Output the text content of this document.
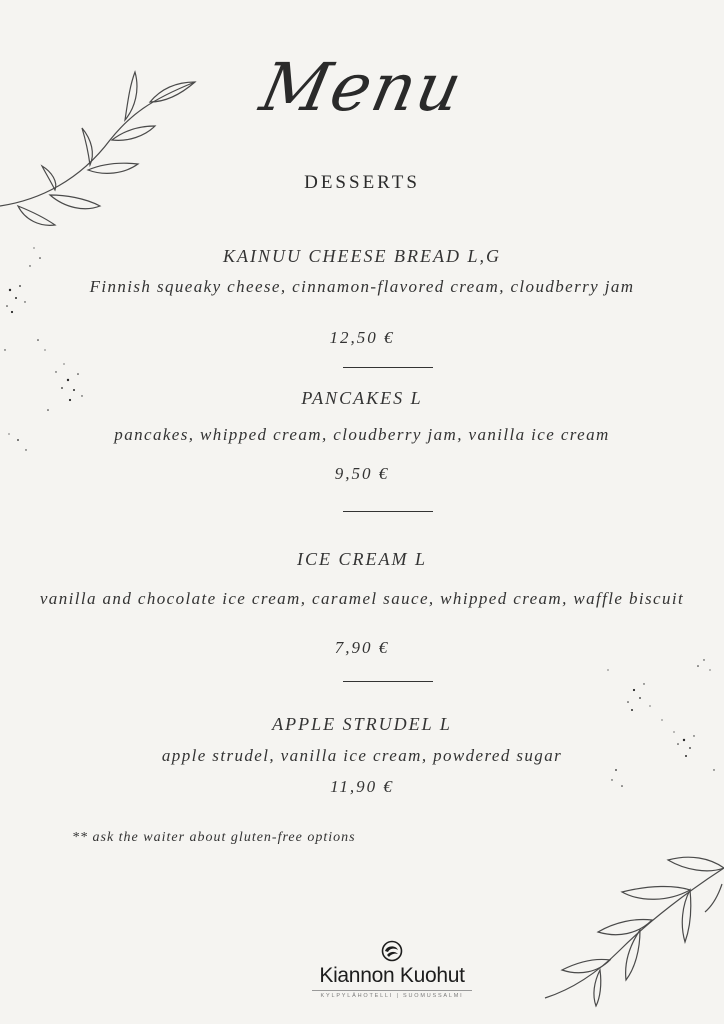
Menu
DESSERTS
KAINUU CHEESE BREAD L,G
Finnish squeaky cheese, cinnamon-flavored cream, cloudberry jam
12,50 €
PANCAKES L
pancakes, whipped cream, cloudberry jam, vanilla ice cream
9,50 €
ICE CREAM L
vanilla and chocolate ice cream, caramel sauce, whipped cream, waffle biscuit
7,90 €
APPLE STRUDEL L
apple strudel, vanilla ice cream, powdered sugar
11,90 €
** ask the waiter about gluten-free options
Kiannon Kuohut
KYLPYLÄHOTELLI | SUOMUSSALMI
